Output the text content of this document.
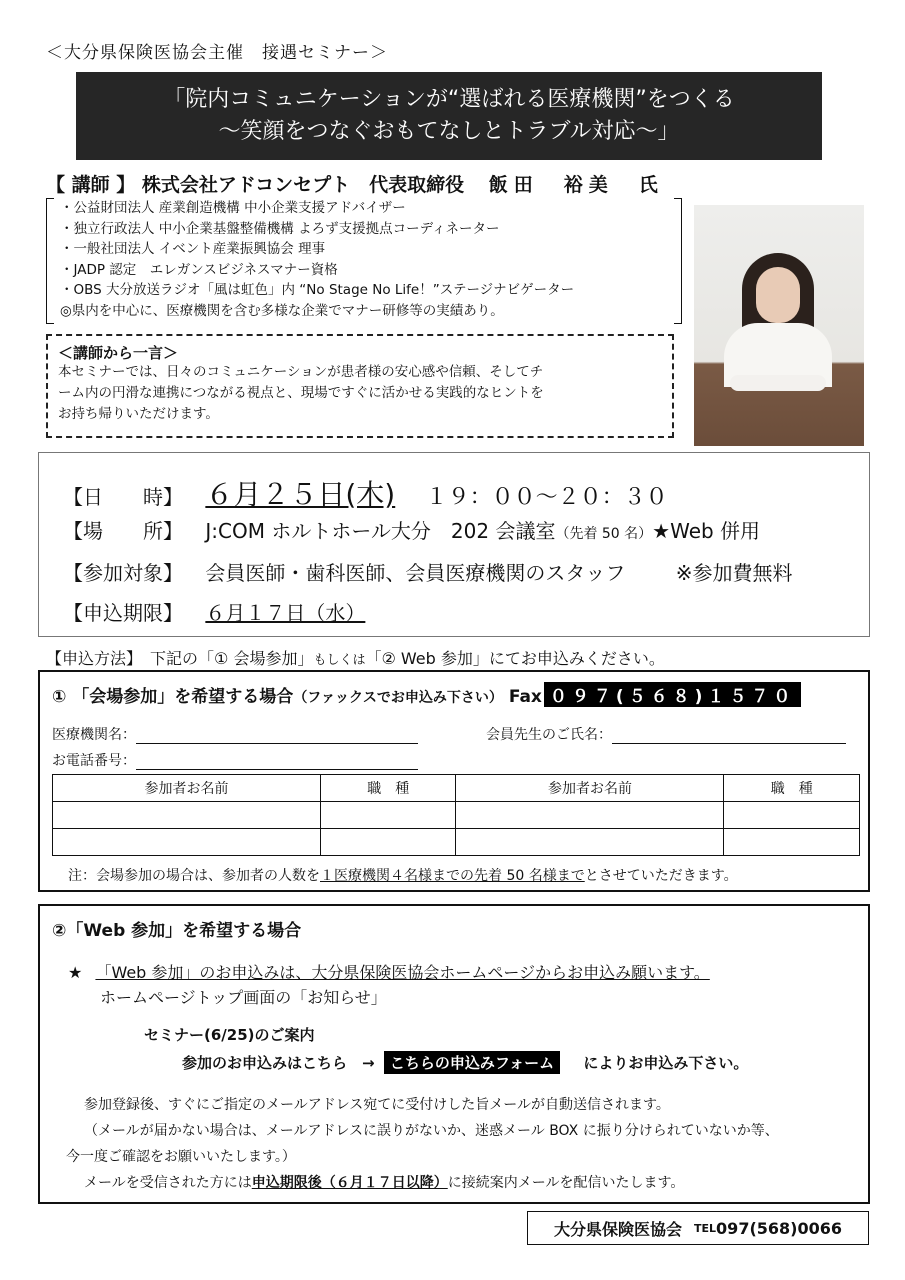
＜大分県保険医協会主催　接遇セミナー＞
「院内コミュニケーションが“選ばれる医療機関”をつくる
～笑顔をつなぐおもてなしとトラブル対応～」
【 講師 】 株式会社アドコンセプト　代表取締役 飯田　裕美　氏
・公益財団法人 産業創造機構 中小企業支援アドバイザー
・独立行政法人 中小企業基盤整備機構 よろず支援拠点コーディネーター
・一般社団法人 イベント産業振興協会 理事
・JADP 認定　エレガンスビジネスマナー資格
・OBS 大分放送ラジオ「風は虹色」内 “No Stage No Life！”ステージナビゲーター
◎県内を中心に、医療機関を含む多様な企業でマナー研修等の実績あり。
＜講師から一言＞
本セミナーでは、日々のコミュニケーションが患者様の安心感や信頼、そしてチ
ーム内の円滑な連携につながる視点と、現場ですぐに活かせる実践的なヒントを
お持ち帰りいただけます。
【日　　時】 ６月２５日(木) １９：００～２０：３０
【場　　所】 J:COM ホルトホール大分　202 会議室（先着 50 名）★Web 併用
【参加対象】 会員医師・歯科医師、会員医療機関のスタッフ	※参加費無料
【申込期限】 ６月１７日（水）
【申込方法】　下記の「① 会場参加」もしくは「② Web 参加」にてお申込みください。
① 「会場参加」を希望する場合（ファックスでお申込み下さい） Fax ０９７(５６８)１５７０
医療機関名：	会員先生のご氏名：
お電話番号：
参加者お名前	職　種	参加者お名前	職　種

注：会場参加の場合は、参加者の人数を１医療機関４名様までの先着 50 名様までとさせていただきます。
②「Web 参加」を希望する場合
★ 「Web 参加」のお申込みは、大分県保険医協会ホームページからお申込み願います。
ホームページトップ画面の「お知らせ」
セミナー(6/25)のご案内
参加のお申込みはこちら　→ こちらの申込みフォーム によりお申込み下さい。
参加登録後、すぐにご指定のメールアドレス宛てに受付けした旨メールが自動送信されます。
（メールが届かない場合は、メールアドレスに誤りがないか、迷惑メール BOX に振り分けられていないか等、
今一度ご確認をお願いいたします。）
メールを受信された方には申込期限後（６月１７日以降）に接続案内メールを配信いたします。
大分県保険医協会 TEL 097(568)0066
